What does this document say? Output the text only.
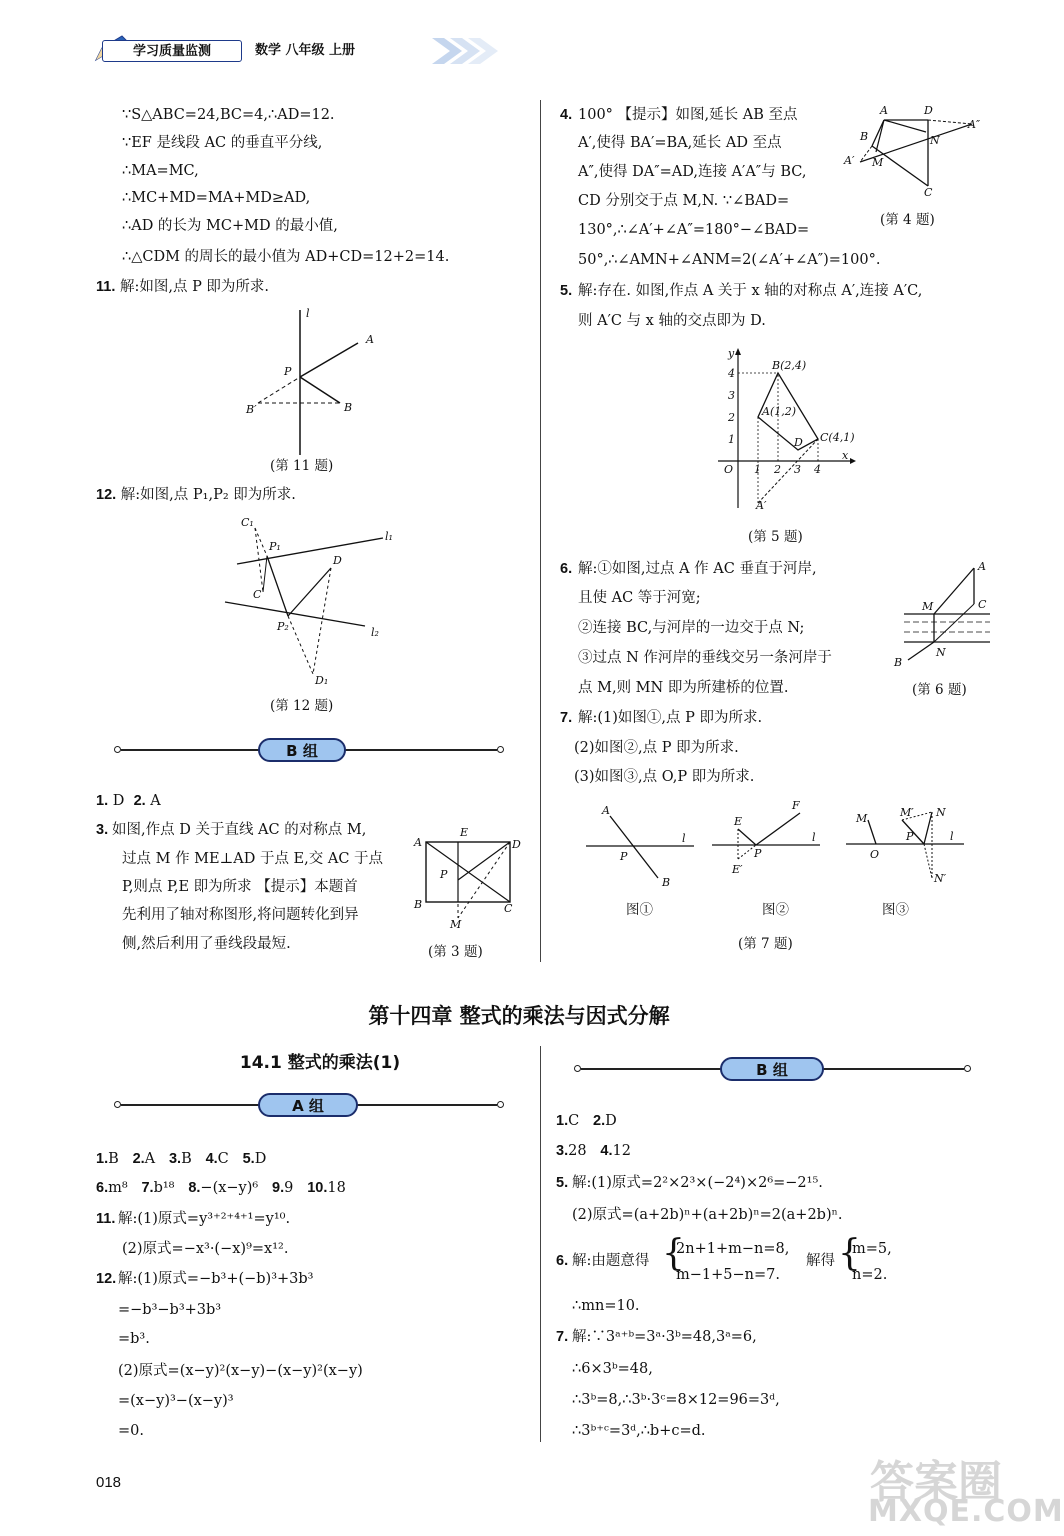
学习质量监测	数学 八年级 上册
∵S△ABC=24,BC=4,∴AD=12.
∵EF 是线段 AC 的垂直平分线,
∴MA=MC,
∴MC+MD=MA+MD≥AD,
∴AD 的长为 MC+MD 的最小值,
∴△CDM 的周长的最小值为 AD+CD=12+2=14.
11. 解:如图,点 P 即为所求.
l
A
P
B′	B
(第 11 题)
12. 解:如图,点 P₁,P₂ 即为所求.
l₁
l₂
C₁
P₁
D
C
P₂
D₁
(第 12 题)
B 组
1. D 2. A
3. 如图,作点 D 关于直线 AC 的对称点 M,
过点 M 作 ME⊥AD 于点 E,交 AC 于点
P,则点 P,E 即为所求 【提示】本题首
先利用了轴对称图形,将问题转化到异
侧,然后利用了垂线段最短.
A
E
D
P
B	C
M
(第 3 题)
4. 100° 【提示】如图,延长 AB 至点
A′,使得 BA′=BA,延长 AD 至点
A″,使得 DA″=AD,连接 A′A″与 BC,
CD 分别交于点 M,N. ∵∠BAD=
130°,∴∠A′+∠A″=180°−∠BAD=
50°,∴∠AMN+∠ANM=2(∠A′+∠A″)=100°.
A	D
A″
B	N
A′ M
C
(第 4 题)
5. 解:存在. 如图,作点 A 关于 x 轴的对称点 A′,连接 A′C,
则 A′C 与 x 轴的交点即为 D.
y
x
O 1 2 3 4
1
2
3
4
B(2,4)
A(1,2)
D C(4,1)
A′
(第 5 题)
6. 解:①如图,过点 A 作 AC 垂直于河岸,
且使 AC 等于河宽;
②连接 BC,与河岸的一边交于点 N;
③过点 N 作河岸的垂线交另一条河岸于
点 M,则 MN 即为所建桥的位置.
A
M	C
N
B
(第 6 题)
7. 解:(1)如图①,点 P 即为所求.
(2)如图②,点 P 即为所求.
(3)如图③,点 O,P 即为所求.
l
A
P
B
l
E
F
P
E′
l
M	M′ N
O
P
N′
图①	图②	图③
(第 7 题)
第十四章 整式的乘法与因式分解
14.1 整式的乘法(1)
A 组
1.B 2.A 3.B 4.C 5.D
6.m⁸ 7.b¹⁸ 8.−(x−y)⁶ 9.9 10.18
11. 解:(1)原式=y³⁺²⁺⁴⁺¹=y¹⁰.
(2)原式=−x³·(−x)⁹=x¹².
12. 解:(1)原式=−b³+(−b)³+3b³
=−b³−b³+3b³
=b³.
(2)原式=(x−y)²(x−y)−(x−y)²(x−y)
=(x−y)³−(x−y)³
=0.
B 组
1.C 2.D
3.28 4.12
5. 解:(1)原式=2²×2³×(−2⁴)×2⁶=−2¹⁵.
(2)原式=(a+2b)ⁿ+(a+2b)ⁿ=2(a+2b)ⁿ.
6. 解:由题意得 {
2n+1+m−n=8,
m−1+5−n=7.
解得 {
m=5,
n=2.
∴mn=10.
7. 解:∵3ᵃ⁺ᵇ=3ᵃ·3ᵇ=48,3ᵃ=6,
∴6×3ᵇ=48,
∴3ᵇ=8,∴3ᵇ·3ᶜ=8×12=96=3ᵈ,
∴3ᵇ⁺ᶜ=3ᵈ,∴b+c=d.
018	答案圈
MXQE.COM
